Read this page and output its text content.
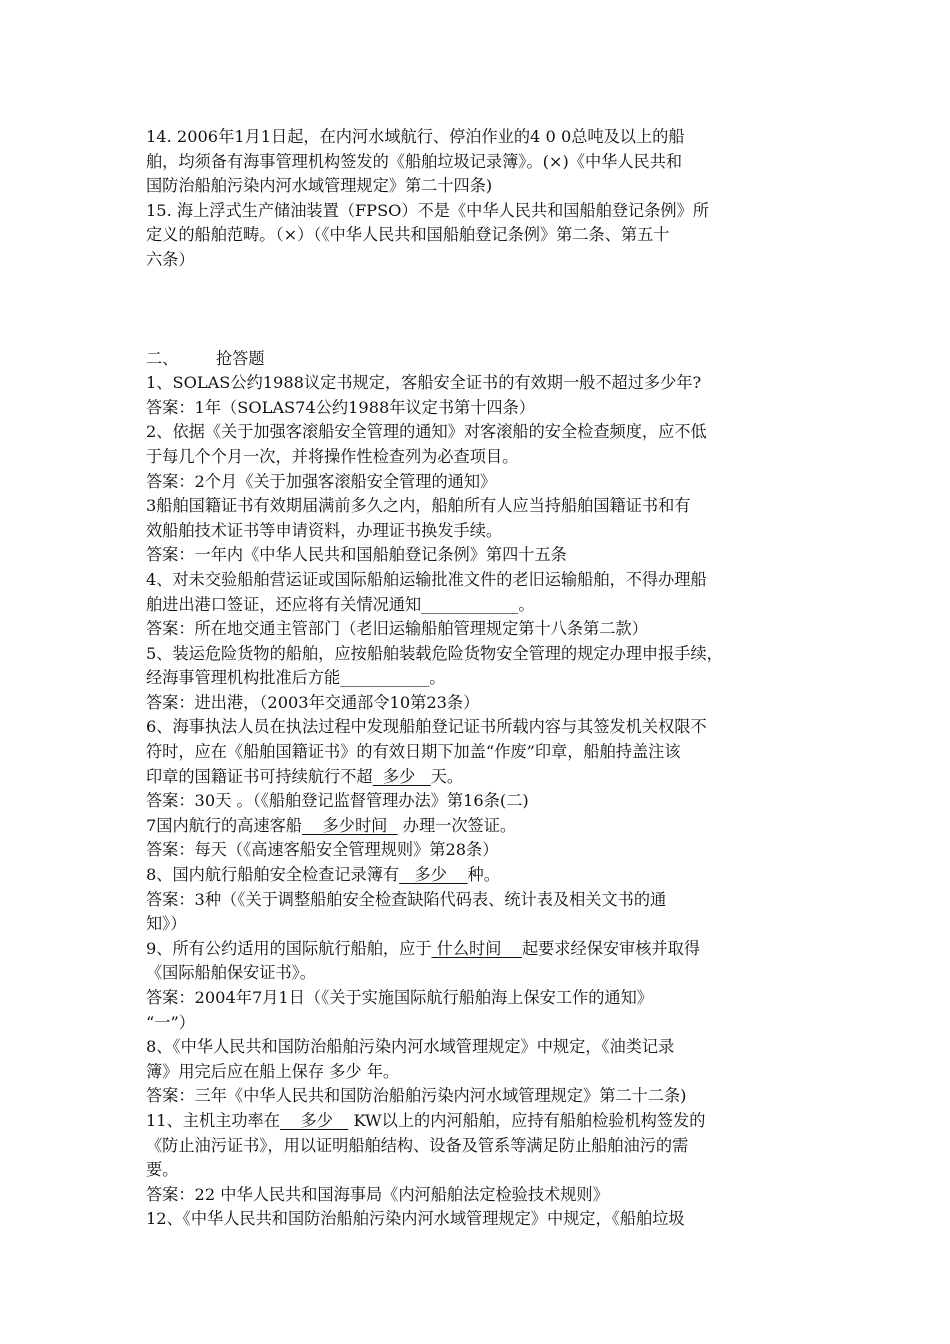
14. 2006年1月1日起，在内河水域航行、停泊作业的4 0 0总吨及以上的船
舶，均须备有海事管理机构签发的《船舶垃圾记录簿》。(×)《中华人民共和
国防治船舶污染内河水域管理规定》第二十四条)
15. 海上浮式生产储油装置（FPSO）不是《中华人民共和国船舶登记条例》所
定义的船舶范畴。（×）（《中华人民共和国船舶登记条例》第二条、第五十
六条）
二、 抢答题
1、SOLAS公约1988议定书规定，客船安全证书的有效期一般不超过多少年?
答案：1年（SOLAS74公约1988年议定书第十四条）
2、依据《关于加强客滚船安全管理的通知》对客滚船的安全检查频度，应不低
于每几个个月一次，并将操作性检查列为必查项目。
答案：2个月《关于加强客滚船安全管理的通知》
3船舶国籍证书有效期届满前多久之内，船舶所有人应当持船舶国籍证书和有
效船舶技术证书等申请资料，办理证书换发手续。
答案：一年内《中华人民共和国船舶登记条例》第四十五条
4、对未交验船舶营运证或国际船舶运输批准文件的老旧运输船舶，不得办理船
舶进出港口签证，还应将有关情况通知____________。
答案：所在地交通主管部门（老旧运输船舶管理规定第十八条第二款）
5、装运危险货物的船舶，应按船舶装载危险货物安全管理的规定办理申报手续，
经海事管理机构批准后方能___________。
答案：进出港，（2003年交通部令10第23条）
6、海事执法人员在执法过程中发现船舶登记证书所载内容与其签发机关权限不
符时，应在《船舶国籍证书》的有效日期下加盖“作废”印章，船舶持盖注该
印章的国籍证书可持续航行不超  多少   天。
答案：30天 。（《船舶登记监督管理办法》第16条(二)
7国内航行的高速客船    多少时间   办理一次签证。
答案：每天（《高速客船安全管理规则》第28条）
8、国内航行船舶安全检查记录簿有   多少    种。
答案：3种（《关于调整船舶安全检查缺陷代码表、统计表及相关文书的通
知》）
9、所有公约适用的国际航行船舶，应于 什么时间    起要求经保安审核并取得
《国际船舶保安证书》。
答案：2004年7月1日（《关于实施国际航行船舶海上保安工作的通知》
“一”）
8、《中华人民共和国防治船舶污染内河水域管理规定》中规定，《油类记录
簿》用完后应在船上保存 多少 年。
答案：三年《中华人民共和国防治船舶污染内河水域管理规定》第二十二条)
11、主机主功率在    多少    KW以上的内河船舶，应持有船舶检验机构签发的
《防止油污证书》，用以证明船舶结构、设备及管系等满足防止船舶油污的需
要。
答案：22 中华人民共和国海事局《内河船舶法定检验技术规则》
12、《中华人民共和国防治船舶污染内河水域管理规定》中规定，《船舶垃圾
